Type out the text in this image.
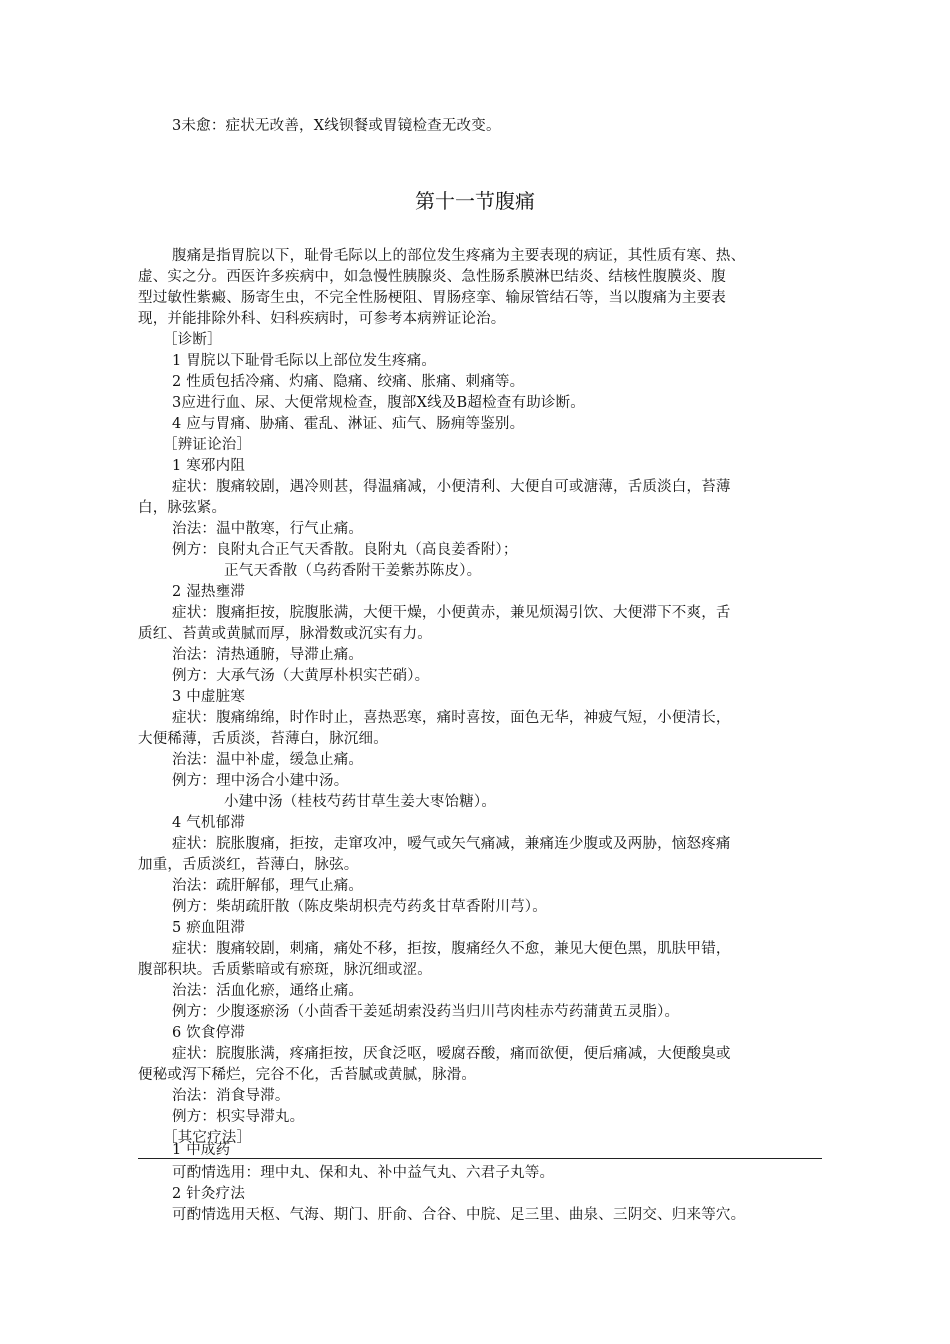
3未愈：症状无改善，X线钡餐或胃镜检查无改变。
第十一节腹痛
腹痛是指胃脘以下，耻骨毛际以上的部位发生疼痛为主要表现的病证，其性质有寒、热、
虚、实之分。西医许多疾病中，如急慢性胰腺炎、急性肠系膜淋巴结炎、结核性腹膜炎、腹
型过敏性紫癜、肠寄生虫，不完全性肠梗阻、胃肠痉挛、输尿管结石等，当以腹痛为主要表
现，并能排除外科、妇科疾病时，可参考本病辨证论治。
［诊断］
1 胃脘以下耻骨毛际以上部位发生疼痛。
2 性质包括冷痛、灼痛、隐痛、绞痛、胀痛、刺痛等。
3应进行血、尿、大便常规检查，腹部X线及B超检查有助诊断。
4 应与胃痛、胁痛、霍乱、淋证、疝气、肠痈等鉴别。
［辨证论治］
1 寒邪内阻
症状：腹痛较剧，遇冷则甚，得温痛减，小便清利、大便自可或溏薄，舌质淡白，苔薄
白，脉弦紧。
治法：温中散寒，行气止痛。
例方：良附丸合正气天香散。良附丸（高良姜香附）；
正气天香散（乌药香附干姜紫苏陈皮）。
2 湿热壅滞
症状：腹痛拒按，脘腹胀满，大便干燥，小便黄赤，兼见烦渴引饮、大便滞下不爽，舌
质红、苔黄或黄腻而厚，脉滑数或沉实有力。
治法：清热通腑，导滞止痛。
例方：大承气汤（大黄厚朴枳实芒硝）。
3 中虚脏寒
症状：腹痛绵绵，时作时止，喜热恶寒，痛时喜按，面色无华，神疲气短，小便清长，
大便稀薄，舌质淡，苔薄白，脉沉细。
治法：温中补虚，缓急止痛。
例方：理中汤合小建中汤。
小建中汤（桂枝芍药甘草生姜大枣饴糖）。
4 气机郁滞
症状：脘胀腹痛，拒按，走窜攻冲，嗳气或矢气痛减，兼痛连少腹或及两胁，恼怒疼痛
加重，舌质淡红，苔薄白，脉弦。
治法：疏肝解郁，理气止痛。
例方：柴胡疏肝散（陈皮柴胡枳壳芍药炙甘草香附川芎）。
5 瘀血阻滞
症状：腹痛较剧，刺痛，痛处不移，拒按，腹痛经久不愈，兼见大便色黑，肌肤甲错，
腹部积块。舌质紫暗或有瘀斑，脉沉细或涩。
治法：活血化瘀，通络止痛。
例方：少腹逐瘀汤（小茴香干姜延胡索没药当归川芎肉桂赤芍药蒲黄五灵脂）。
6 饮食停滞
症状：脘腹胀满，疼痛拒按，厌食泛呕，嗳腐吞酸，痛而欲便，便后痛减，大便酸臭或
便秘或泻下稀烂，完谷不化，舌苔腻或黄腻，脉滑。
治法：消食导滞。
例方：枳实导滞丸。
［其它疗法］
1 中成药
可酌情选用：理中丸、保和丸、补中益气丸、六君子丸等。
2 针灸疗法
可酌情选用天枢、气海、期门、肝俞、合谷、中脘、足三里、曲泉、三阴交、归来等穴。
